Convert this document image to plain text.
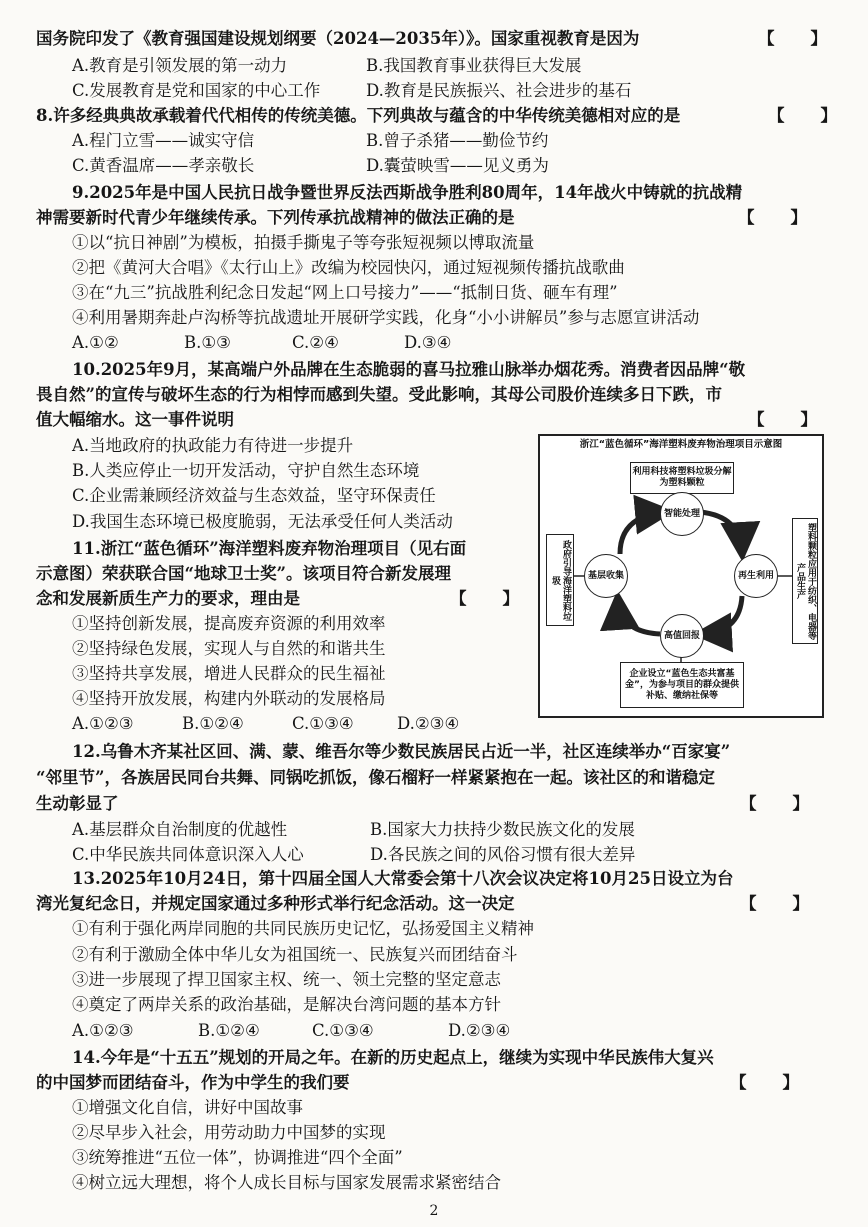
国务院印发了《教育强国建设规划纲要（2024—2035年）》。国家重视教育是因为	【　　】
A.教育是引领发展的第一动力	B.我国教育事业获得巨大发展
C.发展教育是党和国家的中心工作	D.教育是民族振兴、社会进步的基石
8.许多经典典故承载着代代相传的传统美德。下列典故与蕴含的中华传统美德相对应的是	【　　】
A.程门立雪——诚实守信	B.曾子杀猪——勤俭节约
C.黄香温席——孝亲敬长	D.囊萤映雪——见义勇为
9.2025年是中国人民抗日战争暨世界反法西斯战争胜利80周年，14年战火中铸就的抗战精
神需要新时代青少年继续传承。下列传承抗战精神的做法正确的是	【　　】
①以“抗日神剧”为模板，拍摄手撕鬼子等夸张短视频以博取流量
②把《黄河大合唱》《太行山上》改编为校园快闪，通过短视频传播抗战歌曲
③在“九三”抗战胜利纪念日发起“网上口号接力”——“抵制日货、砸车有理”
④利用暑期奔赴卢沟桥等抗战遗址开展研学实践，化身“小小讲解员”参与志愿宣讲活动
A.①②	B.①③	C.②④	D.③④
10.2025年9月，某高端户外品牌在生态脆弱的喜马拉雅山脉举办烟花秀。消费者因品牌“敬
畏自然”的宣传与破坏生态的行为相悖而感到失望。受此影响，其母公司股价连续多日下跌，市
值大幅缩水。这一事件说明	【　　】
A.当地政府的执政能力有待进一步提升
B.人类应停止一切开发活动，守护自然生态环境
C.企业需兼顾经济效益与生态效益，坚守环保责任
D.我国生态环境已极度脆弱，无法承受任何人类活动
11.浙江“蓝色循环”海洋塑料废弃物治理项目（见右面
示意图）荣获联合国“地球卫士奖”。该项目符合新发展理
念和发展新质生产力的要求，理由是	【　　】
①坚持创新发展，提高废弃资源的利用效率
②坚持绿色发展，实现人与自然的和谐共生
③坚持共享发展，增进人民群众的民生福祉
④坚持开放发展，构建内外联动的发展格局
A.①②③	B.①②④	C.①③④	D.②③④
浙江“蓝色循环”海洋塑料废弃物治理项目示意图
利用科技将塑料垃圾分解为塑料颗粒
政府引导海洋塑料垃圾	塑料颗粒应用于纺织、电器等产品生产
企业设立“蓝色生态共富基金”，为参与项目的群众提供补贴、缴纳社保等
智能处理
基层收集	再生利用
高值回报
12.乌鲁木齐某社区回、满、蒙、维吾尔等少数民族居民占近一半，社区连续举办“百家宴”
“邻里节”，各族居民同台共舞、同锅吃抓饭，像石榴籽一样紧紧抱在一起。该社区的和谐稳定
生动彰显了	【　　】
A.基层群众自治制度的优越性	B.国家大力扶持少数民族文化的发展
C.中华民族共同体意识深入人心	D.各民族之间的风俗习惯有很大差异
13.2025年10月24日，第十四届全国人大常委会第十八次会议决定将10月25日设立为台
湾光复纪念日，并规定国家通过多种形式举行纪念活动。这一决定	【　　】
①有利于强化两岸同胞的共同民族历史记忆，弘扬爱国主义精神
②有利于激励全体中华儿女为祖国统一、民族复兴而团结奋斗
③进一步展现了捍卫国家主权、统一、领土完整的坚定意志
④奠定了两岸关系的政治基础，是解决台湾问题的基本方针
A.①②③	B.①②④	C.①③④	D.②③④
14.今年是“十五五”规划的开局之年。在新的历史起点上，继续为实现中华民族伟大复兴
的中国梦而团结奋斗，作为中学生的我们要	【　　】
①增强文化自信，讲好中国故事
②尽早步入社会，用劳动助力中国梦的实现
③统筹推进“五位一体”，协调推进“四个全面”
④树立远大理想，将个人成长目标与国家发展需求紧密结合
2
